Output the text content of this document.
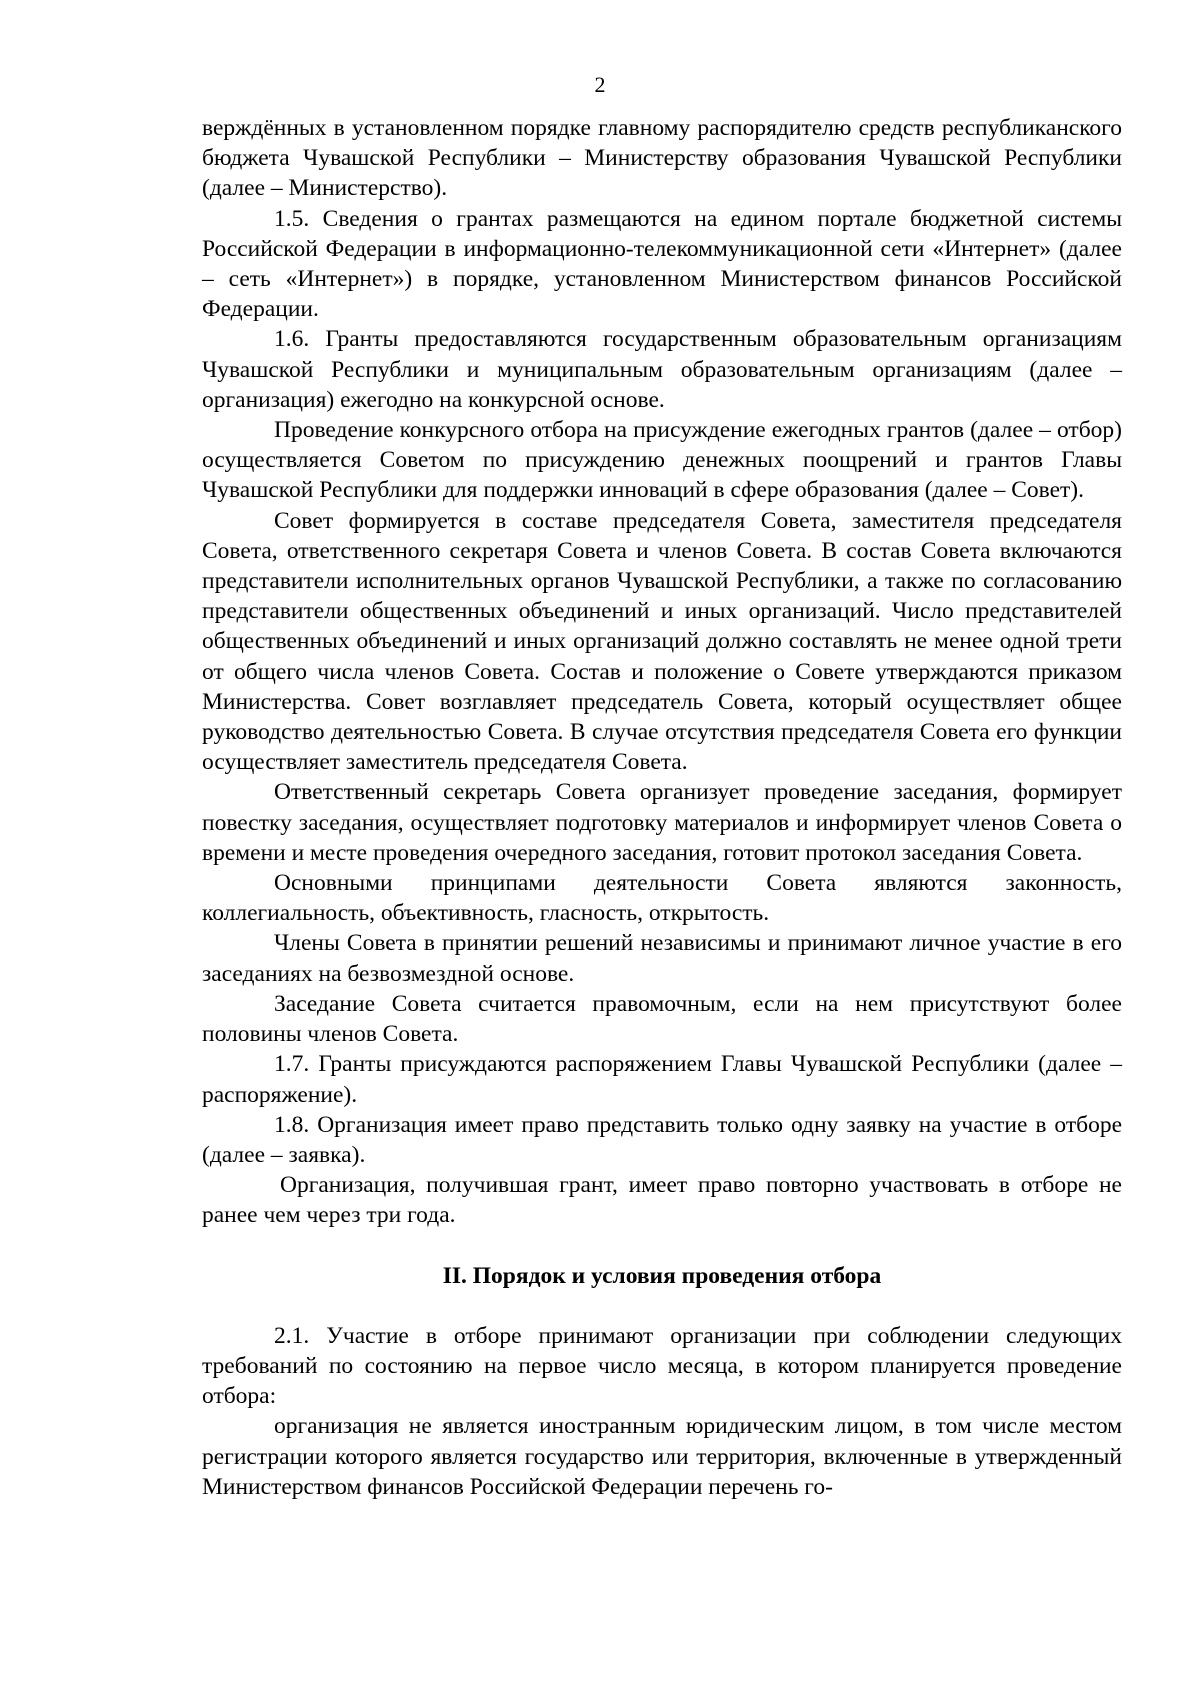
2

верждённых в установленном порядке главному распорядителю средств республиканского бюджета Чувашской Республики – Министерству образования Чувашской Республики (далее – Министерство).

1.5. Сведения о грантах размещаются на едином портале бюджетной системы Российской Федерации в информационно-телекоммуникационной сети «Интернет» (далее – сеть «Интернет») в порядке, установленном Министерством финансов Российской Федерации.

1.6. Гранты предоставляются государственным образовательным организациям Чувашской Республики и муниципальным образовательным организациям (далее – организация) ежегодно на конкурсной основе.

Проведение конкурсного отбора на присуждение ежегодных грантов (далее – отбор) осуществляется Советом по присуждению денежных поощрений и грантов Главы Чувашской Республики для поддержки инноваций в сфере образования (далее – Совет).

Совет формируется в составе председателя Совета, заместителя председателя Совета, ответственного секретаря Совета и членов Совета. В состав Совета включаются представители исполнительных органов Чувашской Республики, а также по согласованию представители общественных объединений и иных организаций. Число представителей общественных объединений и иных организаций должно составлять не менее одной трети от общего числа членов Совета. Состав и положение о Совете утверждаются приказом Министерства. Совет возглавляет председатель Совета, который осуществляет общее руководство деятельностью Совета. В случае отсутствия председателя Совета его функции осуществляет заместитель председателя Совета.

Ответственный секретарь Совета организует проведение заседания, формирует повестку заседания, осуществляет подготовку материалов и информирует членов Совета о времени и месте проведения очередного заседания, готовит протокол заседания Совета.

Основными принципами деятельности Совета являются законность, коллегиальность, объективность, гласность, открытость.

Члены Совета в принятии решений независимы и принимают личное участие в его заседаниях на безвозмездной основе.

Заседание Совета считается правомочным, если на нем присутствуют более половины членов Совета.

1.7. Гранты присуждаются распоряжением Главы Чувашской Республики (далее – распоряжение).

1.8. Организация имеет право представить только одну заявку на участие в отборе (далее – заявка).

Организация, получившая грант, имеет право повторно участвовать в отборе не ранее чем через три года.

II. Порядок и условия проведения отбора

2.1. Участие в отборе принимают организации при соблюдении следующих требований по состоянию на первое число месяца, в котором планируется проведение отбора:

организация не является иностранным юридическим лицом, в том числе местом регистрации которого является государство или территория, включенные в утвержденный Министерством финансов Российской Федерации перечень го-
